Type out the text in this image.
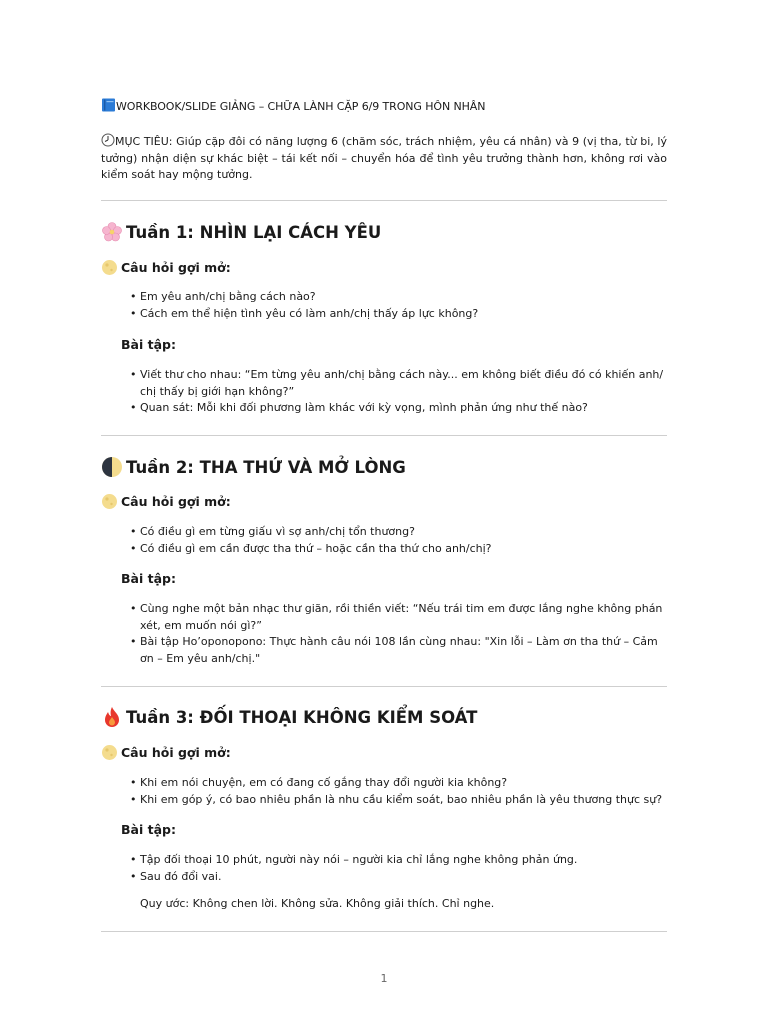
WORKBOOK/SLIDE GIẢNG – CHỮA LÀNH CẶP 6/9 TRONG HÔN NHÂN
MỤC TIÊU: Giúp cặp đôi có năng lượng 6 (chăm sóc, trách nhiệm, yêu cá nhân) và 9 (vị tha, từ bi, lý tưởng) nhận diện sự khác biệt – tái kết nối – chuyển hóa để tình yêu trưởng thành hơn, không rơi vào kiểm soát hay mộng tưởng.
Tuần 1: NHÌN LẠI CÁCH YÊU
Câu hỏi gợi mở:
• Em yêu anh/chị bằng cách nào?
• Cách em thể hiện tình yêu có làm anh/chị thấy áp lực không?
Bài tập:
• Viết thư cho nhau: “Em từng yêu anh/chị bằng cách này... em không biết điều đó có khiến anh/ chị thấy bị giới hạn không?”
• Quan sát: Mỗi khi đối phương làm khác với kỳ vọng, mình phản ứng như thế nào?
Tuần 2: THA THỨ VÀ MỞ LÒNG
Câu hỏi gợi mở:
• Có điều gì em từng giấu vì sợ anh/chị tổn thương?
• Có điều gì em cần được tha thứ – hoặc cần tha thứ cho anh/chị?
Bài tập:
• Cùng nghe một bản nhạc thư giãn, rồi thiền viết: “Nếu trái tim em được lắng nghe không phán xét, em muốn nói gì?”
• Bài tập Ho’oponopono: Thực hành câu nói 108 lần cùng nhau: "Xin lỗi – Làm ơn tha thứ – Cảm ơn – Em yêu anh/chị."
Tuần 3: ĐỐI THOẠI KHÔNG KIỂM SOÁT
Câu hỏi gợi mở:
• Khi em nói chuyện, em có đang cố gắng thay đổi người kia không?
• Khi em góp ý, có bao nhiêu phần là nhu cầu kiểm soát, bao nhiêu phần là yêu thương thực sự?
Bài tập:
• Tập đối thoại 10 phút, người này nói – người kia chỉ lắng nghe không phản ứng.
• Sau đó đổi vai.
Quy ước: Không chen lời. Không sửa. Không giải thích. Chỉ nghe.
1
